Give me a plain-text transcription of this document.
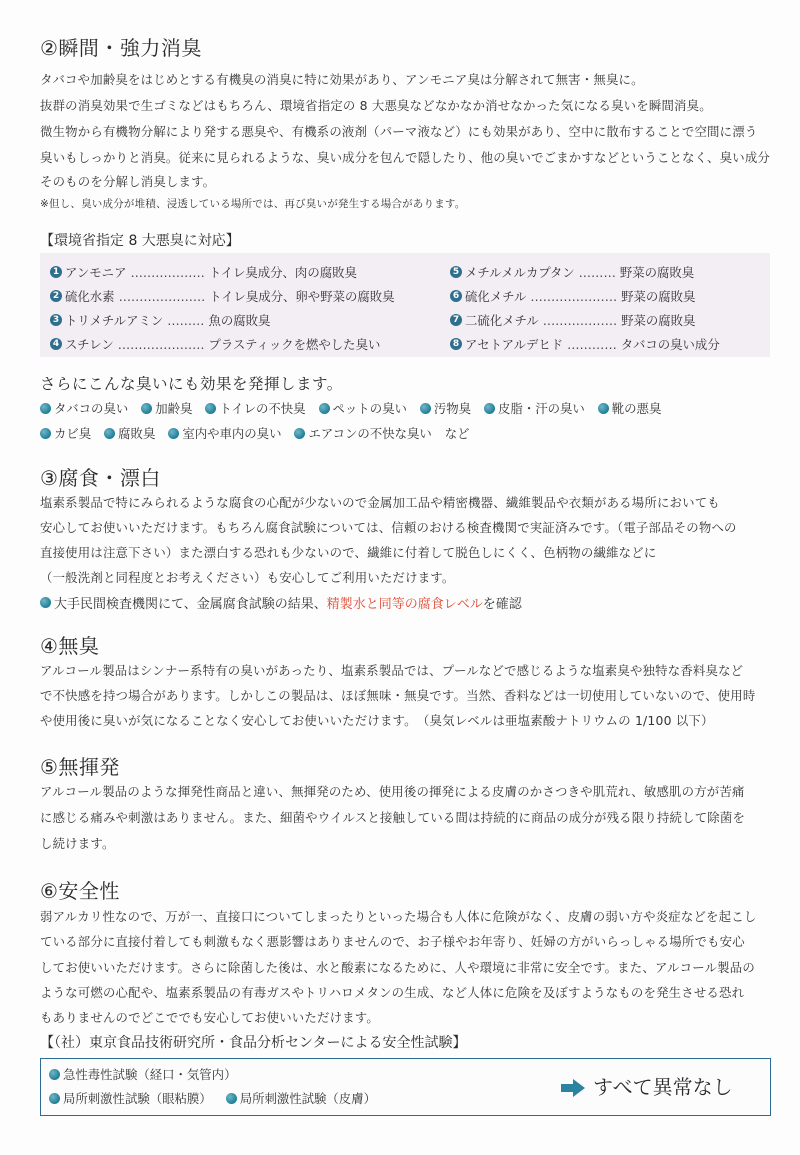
②瞬間・強力消臭
タバコや加齢臭をはじめとする有機臭の消臭に特に効果があり、アンモニア臭は分解されて無害・無臭に。
抜群の消臭効果で生ゴミなどはもちろん、環境省指定の 8 大悪臭などなかなか消せなかった気になる臭いを瞬間消臭。
微生物から有機物分解により発する悪臭や、有機系の液剤（パーマ液など）にも効果があり、空中に散布することで空間に漂う
臭いもしっかりと消臭。従来に見られるような、臭い成分を包んで隠したり、他の臭いでごまかすなどということなく、臭い成分
そのものを分解し消臭します。
※但し、臭い成分が堆積、浸透している場所では、再び臭いが発生する場合があります。
【環境省指定 8 大悪臭に対応】
1 アンモニア ……………… トイレ臭成分、肉の腐敗臭
2 硫化水素 ………………… トイレ臭成分、卵や野菜の腐敗臭
3 トリメチルアミン ……… 魚の腐敗臭
4 スチレン ………………… プラスティックを燃やした臭い
5 メチルメルカプタン ……… 野菜の腐敗臭
6 硫化メチル ………………… 野菜の腐敗臭
7 二硫化メチル ……………… 野菜の腐敗臭
8 アセトアルデヒド ………… タバコの臭い成分
さらにこんな臭いにも効果を発揮します。
タバコの臭い 加齢臭 トイレの不快臭 ペットの臭い 汚物臭 皮脂・汗の臭い 靴の悪臭
カビ臭 腐敗臭 室内や車内の臭い エアコンの不快な臭い など
③腐食・漂白
塩素系製品で特にみられるような腐食の心配が少ないので金属加工品や精密機器、繊維製品や衣類がある場所においても
安心してお使いいただけます。もちろん腐食試験については、信頼のおける検査機関で実証済みです。（電子部品その物への
直接使用は注意下さい）また漂白する恐れも少ないので、繊維に付着して脱色しにくく、色柄物の繊維などに
（一般洗剤と同程度とお考えください）も安心してご利用いただけます。
大手民間検査機関にて、金属腐食試験の結果、 精製水と同等の腐食レベル を確認
④無臭
アルコール製品はシンナー系特有の臭いがあったり、塩素系製品では、プールなどで感じるような塩素臭や独特な香料臭など
で不快感を持つ場合があります。しかしこの製品は、ほぼ無味・無臭です。当然、香料などは一切使用していないので、使用時
や使用後に臭いが気になることなく安心してお使いいただけます。　（臭気レベルは亜塩素酸ナトリウムの 1/100 以下）
⑤無揮発
アルコール製品のような揮発性商品と違い、無揮発のため、使用後の揮発による皮膚のかさつきや肌荒れ、敏感肌の方が苦痛
に感じる痛みや刺激はありません。また、細菌やウイルスと接触している間は持続的に商品の成分が残る限り持続して除菌を
し続けます。
⑥安全性
弱アルカリ性なので、万が一、直接口についてしまったりといった場合も人体に危険がなく、皮膚の弱い方や炎症などを起こし
ている部分に直接付着しても刺激もなく悪影響はありませんので、お子様やお年寄り、妊婦の方がいらっしゃる場所でも安心
してお使いいただけます。さらに除菌した後は、水と酸素になるために、人や環境に非常に安全です。また、アルコール製品の
ような可燃の心配や、塩素系製品の有毒ガスやトリハロメタンの生成、など人体に危険を及ぼすようなものを発生させる恐れ
もありませんのでどこででも安心してお使いいただけます。
【（社）東京食品技術研究所・食品分析センターによる安全性試験】
急性毒性試験（経口・気管内）
局所刺激性試験（眼粘膜） 局所刺激性試験（皮膚）	すべて異常なし
